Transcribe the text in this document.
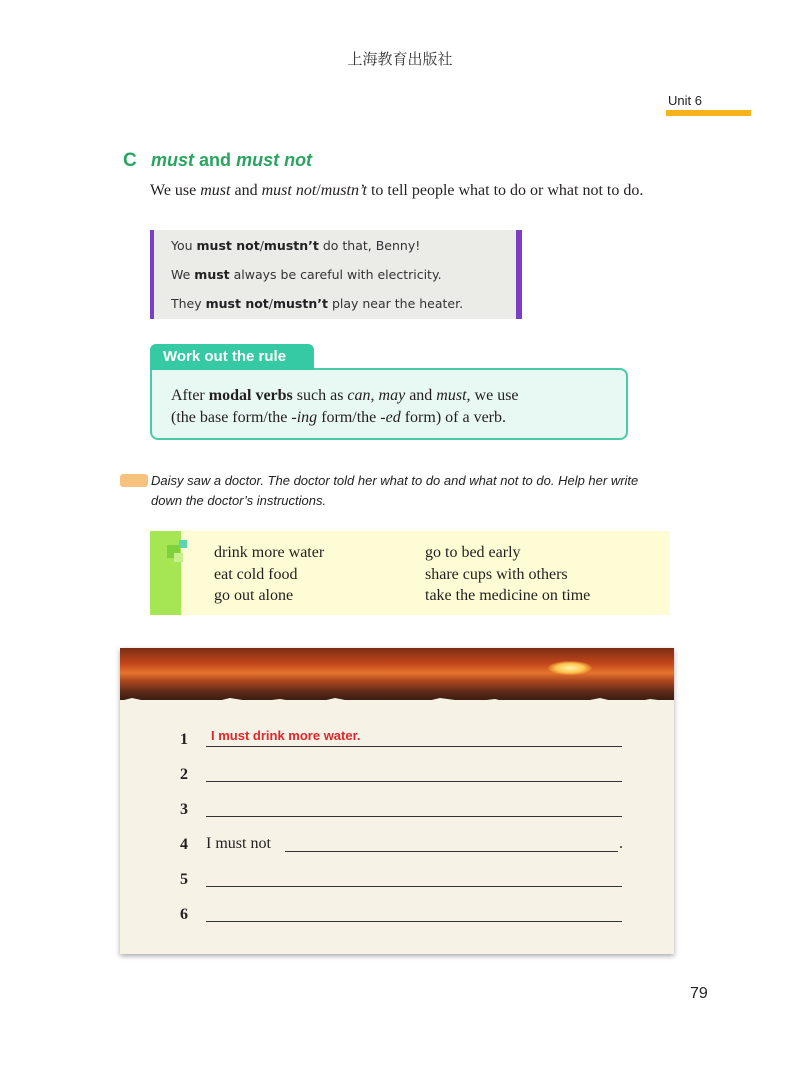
上海教育出版社
Unit 6
C must and must not
We use must and must not/mustn’t to tell people what to do or what not to do.
You must not/mustn’t do that, Benny!
We must always be careful with electricity.
They must not/mustn’t play near the heater.
Work out the rule
After modal verbs such as can, may and must, we use
(the base form/the -ing form/the -ed form) of a verb.
Daisy saw a doctor. The doctor told her what to do and what not to do. Help her write down the doctor’s instructions.
drink more water
eat cold food
go out alone
go to bed early
share cups with others
take the medicine on time
1
2
3
4
5
6
I must drink more water.
I must not	.
79
